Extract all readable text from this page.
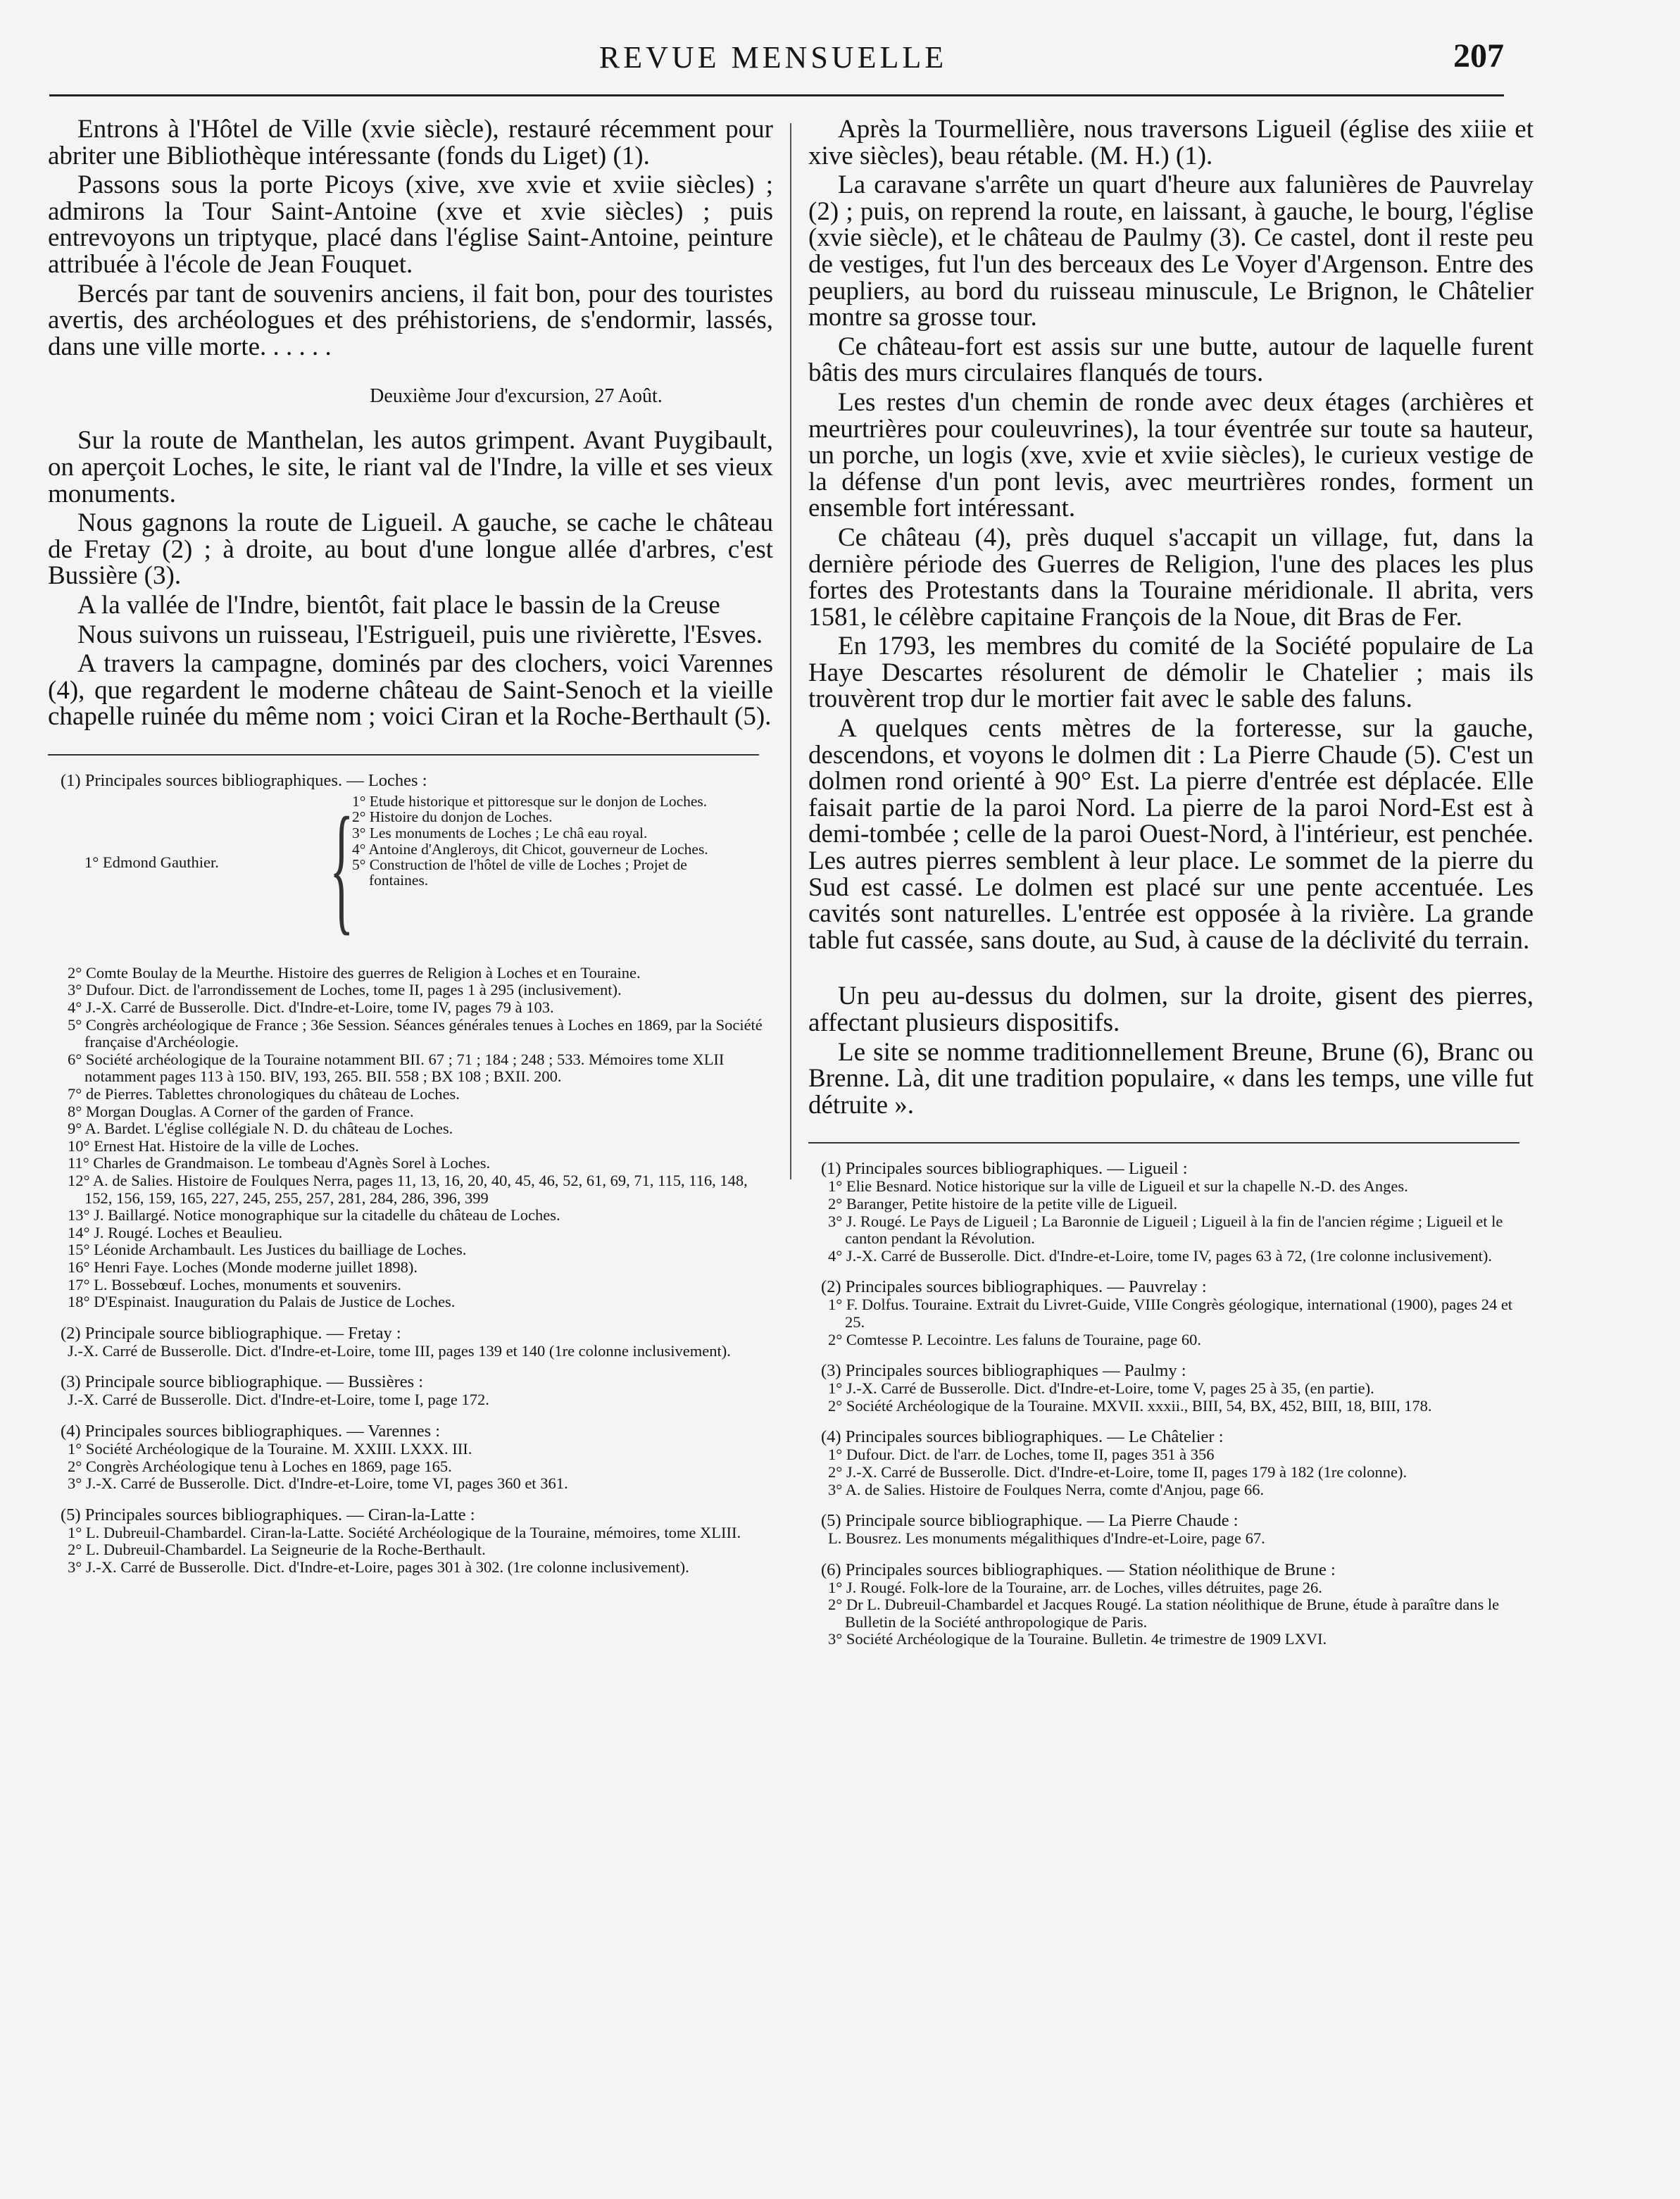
REVUE MENSUELLE	207

Entrons à l'Hôtel de Ville (xvie siècle), restauré récemment pour abriter une Bibliothèque intéressante (fonds du Liget) (1).

Passons sous la porte Picoys (xive, xve xvie et xviie siècles) ; admirons la Tour Saint-Antoine (xve et xvie siècles) ; puis entrevoyons un triptyque, placé dans l'église Saint-Antoine, peinture attribuée à l'école de Jean Fouquet.

Bercés par tant de souvenirs anciens, il fait bon, pour des touristes avertis, des archéologues et des préhistoriens, de s'endormir, lassés, dans une ville morte. . . . . .

Deuxième Jour d'excursion, 27 Août.

Sur la route de Manthelan, les autos grimpent. Avant Puygibault, on aperçoit Loches, le site, le riant val de l'Indre, la ville et ses vieux monuments.

Nous gagnons la route de Ligueil. A gauche, se cache le château de Fretay (2) ; à droite, au bout d'une longue allée d'arbres, c'est Bussière (3).

A la vallée de l'Indre, bientôt, fait place le bassin de la Creuse

Nous suivons un ruisseau, l'Estrigueil, puis une rivièrette, l'Esves.

A travers la campagne, dominés par des clochers, voici Varennes (4), que regardent le moderne château de Saint-Senoch et la vieille chapelle ruinée du même nom ; voici Ciran et la Roche-Berthault (5).

(1) Principales sources bibliographiques. — Loches :
1° Edmond Gauthier. {
1° Etude historique et pittoresque sur le donjon de Loches.
2° Histoire du donjon de Loches.
3° Les monuments de Loches ; Le châ eau royal.
4° Antoine d'Angleroys, dit Chicot, gouverneur de Loches.
5° Construction de l'hôtel de ville de Loches ; Projet de fontaines.
2° Comte Boulay de la Meurthe. Histoire des guerres de Religion à Loches et en Touraine.
3° Dufour. Dict. de l'arrondissement de Loches, tome II, pages 1 à 295 (inclusivement).
4° J.-X. Carré de Busserolle. Dict. d'Indre-et-Loire, tome IV, pages 79 à 103.
5° Congrès archéologique de France ; 36e Session. Séances générales tenues à Loches en 1869, par la Société française d'Archéologie.
6° Société archéologique de la Touraine notamment BII. 67 ; 71 ; 184 ; 248 ; 533. Mémoires tome XLII notamment pages 113 à 150. BIV, 193, 265. BII. 558 ; BX 108 ; BXII. 200.
7° de Pierres. Tablettes chronologiques du château de Loches.
8° Morgan Douglas. A Corner of the garden of France.
9° A. Bardet. L'église collégiale N. D. du château de Loches.
10° Ernest Hat. Histoire de la ville de Loches.
11° Charles de Grandmaison. Le tombeau d'Agnès Sorel à Loches.
12° A. de Salies. Histoire de Foulques Nerra, pages 11, 13, 16, 20, 40, 45, 46, 52, 61, 69, 71, 115, 116, 148, 152, 156, 159, 165, 227, 245, 255, 257, 281, 284, 286, 396, 399
13° J. Baillargé. Notice monographique sur la citadelle du château de Loches.
14° J. Rougé. Loches et Beaulieu.
15° Léonide Archambault. Les Justices du bailliage de Loches.
16° Henri Faye. Loches (Monde moderne juillet 1898).
17° L. Bossebœuf. Loches, monuments et souvenirs.
18° D'Espinaist. Inauguration du Palais de Justice de Loches.
(2) Principale source bibliographique. — Fretay :
J.-X. Carré de Busserolle. Dict. d'Indre-et-Loire, tome III, pages 139 et 140 (1re colonne inclusivement).
(3) Principale source bibliographique. — Bussières :
J.-X. Carré de Busserolle. Dict. d'Indre-et-Loire, tome I, page 172.
(4) Principales sources bibliographiques. — Varennes :
1° Société Archéologique de la Touraine. M. XXIII. LXXX. III.
2° Congrès Archéologique tenu à Loches en 1869, page 165.
3° J.-X. Carré de Busserolle. Dict. d'Indre-et-Loire, tome VI, pages 360 et 361.
(5) Principales sources bibliographiques. — Ciran-la-Latte :
1° L. Dubreuil-Chambardel. Ciran-la-Latte. Société Archéologique de la Touraine, mémoires, tome XLIII.
2° L. Dubreuil-Chambardel. La Seigneurie de la Roche-Berthault.
3° J.-X. Carré de Busserolle. Dict. d'Indre-et-Loire, pages 301 à 302. (1re colonne inclusivement).

Après la Tourmellière, nous traversons Ligueil (église des xiiie et xive siècles), beau rétable. (M. H.) (1).

La caravane s'arrête un quart d'heure aux falunières de Pauvrelay (2) ; puis, on reprend la route, en laissant, à gauche, le bourg, l'église (xvie siècle), et le château de Paulmy (3). Ce castel, dont il reste peu de vestiges, fut l'un des berceaux des Le Voyer d'Argenson. Entre des peupliers, au bord du ruisseau minuscule, Le Brignon, le Châtelier montre sa grosse tour.

Ce château-fort est assis sur une butte, autour de laquelle furent bâtis des murs circulaires flanqués de tours.

Les restes d'un chemin de ronde avec deux étages (archières et meurtrières pour couleuvrines), la tour éventrée sur toute sa hauteur, un porche, un logis (xve, xvie et xviie siècles), le curieux vestige de la défense d'un pont levis, avec meurtrières rondes, forment un ensemble fort intéressant.

Ce château (4), près duquel s'accapit un village, fut, dans la dernière période des Guerres de Religion, l'une des places les plus fortes des Protestants dans la Touraine méridionale. Il abrita, vers 1581, le célèbre capitaine François de la Noue, dit Bras de Fer.

En 1793, les membres du comité de la Société populaire de La Haye Descartes résolurent de démolir le Chatelier ; mais ils trouvèrent trop dur le mortier fait avec le sable des faluns.

A quelques cents mètres de la forteresse, sur la gauche, descendons, et voyons le dolmen dit : La Pierre Chaude (5). C'est un dolmen rond orienté à 90° Est. La pierre d'entrée est déplacée. Elle faisait partie de la paroi Nord. La pierre de la paroi Nord-Est est à demi-tombée ; celle de la paroi Ouest-Nord, à l'intérieur, est penchée. Les autres pierres semblent à leur place. Le sommet de la pierre du Sud est cassé. Le dolmen est placé sur une pente accentuée. Les cavités sont naturelles. L'entrée est opposée à la rivière. La grande table fut cassée, sans doute, au Sud, à cause de la déclivité du terrain.

Un peu au-dessus du dolmen, sur la droite, gisent des pierres, affectant plusieurs dispositifs.

Le site se nomme traditionnellement Breune, Brune (6), Branc ou Brenne. Là, dit une tradition populaire, « dans les temps, une ville fut détruite ».

(1) Principales sources bibliographiques. — Ligueil :
1° Elie Besnard. Notice historique sur la ville de Ligueil et sur la chapelle N.-D. des Anges.
2° Baranger, Petite histoire de la petite ville de Ligueil.
3° J. Rougé. Le Pays de Ligueil ; La Baronnie de Ligueil ; Ligueil à la fin de l'ancien régime ; Ligueil et le canton pendant la Révolution.
4° J.-X. Carré de Busserolle. Dict. d'Indre-et-Loire, tome IV, pages 63 à 72, (1re colonne inclusivement).
(2) Principales sources bibliographiques. — Pauvrelay :
1° F. Dolfus. Touraine. Extrait du Livret-Guide, VIIIe Congrès géologique, international (1900), pages 24 et 25.
2° Comtesse P. Lecointre. Les faluns de Touraine, page 60.
(3) Principales sources bibliographiques — Paulmy :
1° J.-X. Carré de Busserolle. Dict. d'Indre-et-Loire, tome V, pages 25 à 35, (en partie).
2° Société Archéologique de la Touraine. MXVII. xxxii., BIII, 54, BX, 452, BIII, 18, BIII, 178.
(4) Principales sources bibliographiques. — Le Châtelier :
1° Dufour. Dict. de l'arr. de Loches, tome II, pages 351 à 356
2° J.-X. Carré de Busserolle. Dict. d'Indre-et-Loire, tome II, pages 179 à 182 (1re colonne).
3° A. de Salies. Histoire de Foulques Nerra, comte d'Anjou, page 66.
(5) Principale source bibliographique. — La Pierre Chaude :
L. Bousrez. Les monuments mégalithiques d'Indre-et-Loire, page 67.
(6) Principales sources bibliographiques. — Station néolithique de Brune :
1° J. Rougé. Folk-lore de la Touraine, arr. de Loches, villes détruites, page 26.
2° Dr L. Dubreuil-Chambardel et Jacques Rougé. La station néolithique de Brune, étude à paraître dans le Bulletin de la Société anthropologique de Paris.
3° Société Archéologique de la Touraine. Bulletin. 4e trimestre de 1909 LXVI.
